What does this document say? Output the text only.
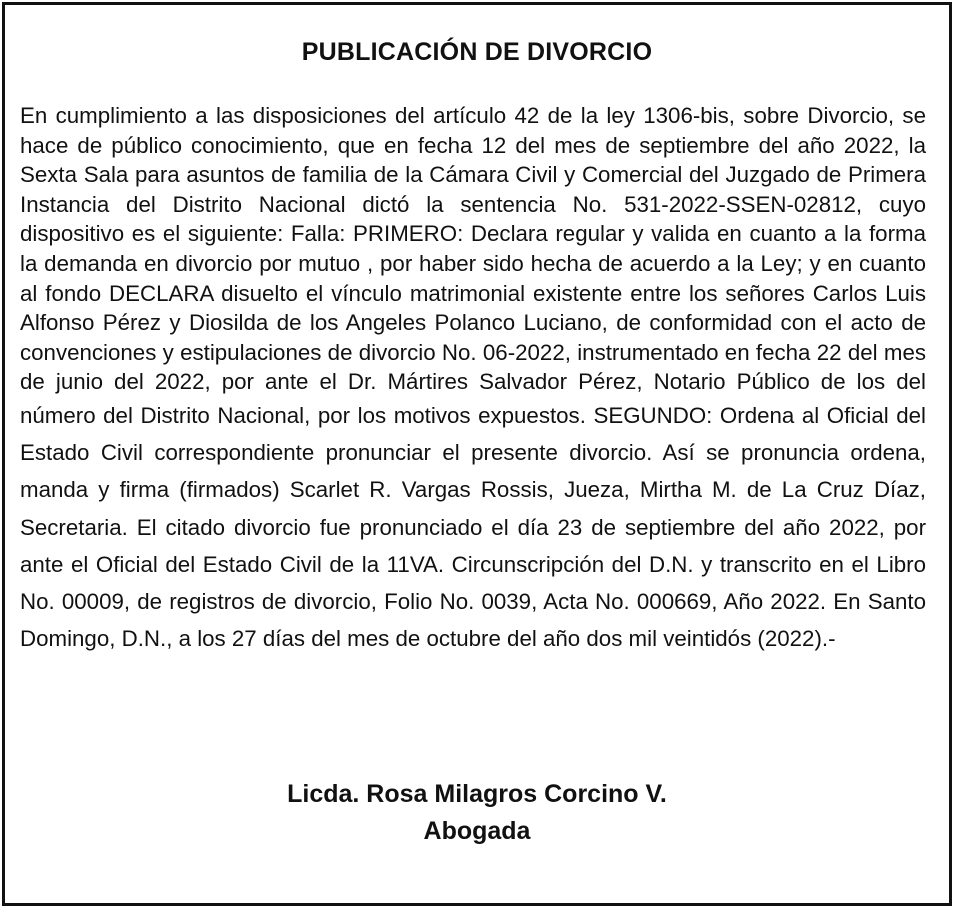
PUBLICACIÓN DE DIVORCIO

En cumplimiento a las disposiciones del artículo 42 de la ley 1306-bis, sobre Divorcio, se hace de público conocimiento, que en fecha 12 del mes de septiembre del año 2022, la Sexta Sala para asuntos de familia de la Cámara Civil y Comercial del Juzgado de Primera Instancia del Distrito Nacional dictó la sentencia No. 531-2022-SSEN-02812, cuyo dispositivo es el siguiente: Falla: PRIMERO: Declara regular y valida en cuanto a la forma la demanda en divorcio por mutuo , por haber sido hecha de acuerdo a la Ley; y en cuanto al fondo DECLARA disuelto el vínculo matrimonial existente entre los señores Carlos Luis Alfonso Pérez y Diosilda de los Angeles Polanco Luciano, de conformidad con el acto de convenciones y estipulaciones de divorcio No. 06-2022, instrumentado en fecha 22 del mes de junio del 2022, por ante el Dr. Mártires Salvador Pérez, Notario Público de los del número del Distrito Nacional, por los motivos expuestos. SEGUNDO: Ordena al Oficial del Estado Civil correspondiente pronunciar el presente divorcio. Así se pronuncia ordena, manda y firma (firmados) Scarlet R. Vargas Rossis, Jueza, Mirtha M. de La Cruz Díaz, Secretaria. El citado divorcio fue pronunciado el día 23 de septiembre del año 2022, por ante el Oficial del Estado Civil de la 11VA. Circunscripción del D.N. y transcrito en el Libro No. 00009, de registros de divorcio, Folio No. 0039, Acta No. 000669, Año 2022. En Santo Domingo, D.N., a los 27 días del mes de octubre del año dos mil veintidós (2022).-

Licda. Rosa Milagros Corcino V.
Abogada
